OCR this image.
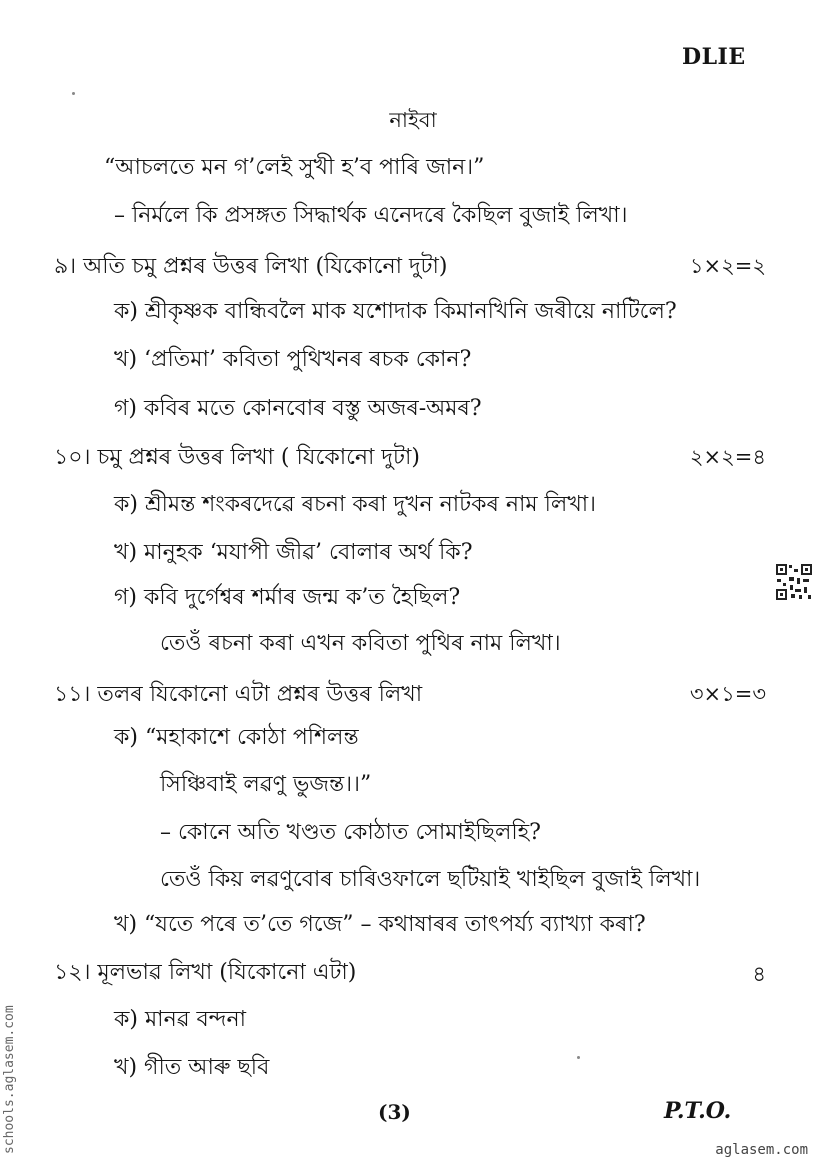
DLIE
নাইবা
“আচলতে মন গ’লেই সুখী হ’ব পাৰি জান।”
– নিৰ্মলে কি প্ৰসঙ্গত সিদ্ধাৰ্থক এনেদৰে কৈছিল বুজাই লিখা।
৯। অতি চমু প্ৰশ্নৰ উত্তৰ লিখা (যিকোনো দুটা)	১×২=২
ক) শ্ৰীকৃষ্ণক বান্ধিবলৈ মাক যশোদাক কিমানখিনি জৰীয়ে নাটিলে?
খ) ‘প্ৰতিমা’ কবিতা পুথিখনৰ ৰচক কোন?
গ) কবিৰ মতে কোনবোৰ বস্তু অজৰ-অমৰ?
১০। চমু প্ৰশ্নৰ উত্তৰ লিখা ( যিকোনো দুটা)	২×২=৪
ক) শ্ৰীমন্ত শংকৰদেৱে ৰচনা কৰা দুখন নাটকৰ নাম লিখা।
খ) মানুহক ‘মযাপী জীৱ’ বোলাৰ অৰ্থ কি?
গ) কবি দুৰ্গেশ্বৰ শৰ্মাৰ জন্ম ক’ত হৈছিল?
তেওঁ ৰচনা কৰা এখন কবিতা পুথিৰ নাম লিখা।
১১। তলৰ যিকোনো এটা প্ৰশ্নৰ উত্তৰ লিখা	৩×১=৩
ক) “মহাকাশে কোঠা পশিলন্ত
সিঞ্চিবাই লৱণু ভুজন্ত।।”
– কোনে অতি খণ্ডত কোঠাত সোমাইছিলহি?
তেওঁ কিয় লৱণুবোৰ চাৰিওফালে ছটিয়াই খাইছিল বুজাই লিখা।
খ) “যতে পৰে ত’তে গজে” – কথাষাৰৰ তাৎপৰ্য্য ব্যাখ্যা কৰা?
১২। মূলভাৱ লিখা (যিকোনো এটা)	৪
ক) মানৱ বন্দনা
খ) গীত আৰু ছবি
(3)	P.T.O.
schools.aglasem.com	aglasem.com
